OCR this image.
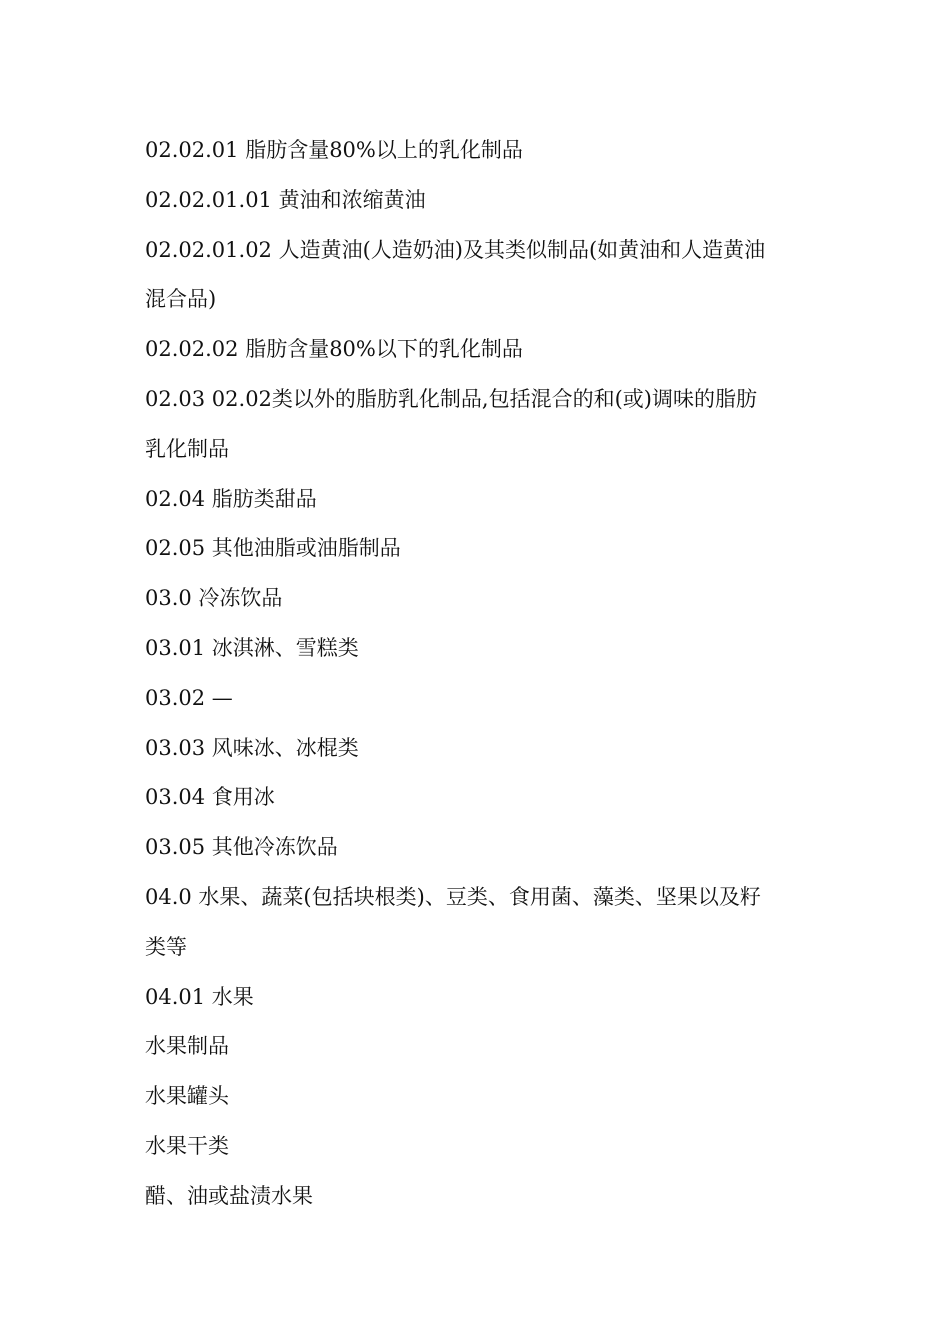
02.02.01 脂肪含量80%以上的乳化制品

02.02.01.01 黄油和浓缩黄油

02.02.01.02 人造黄油(人造奶油)及其类似制品(如黄油和人造黄油

混合品)

02.02.02 脂肪含量80%以下的乳化制品

02.03 02.02类以外的脂肪乳化制品,包括混合的和(或)调味的脂肪

乳化制品

02.04 脂肪类甜品

02.05 其他油脂或油脂制品

03.0 冷冻饮品

03.01 冰淇淋、雪糕类

03.02 —

03.03 风味冰、冰棍类

03.04 食用冰

03.05 其他冷冻饮品

04.0 水果、蔬菜(包括块根类)、豆类、食用菌、藻类、坚果以及籽

类等

04.01 水果

水果制品

水果罐头

水果干类

醋、油或盐渍水果
